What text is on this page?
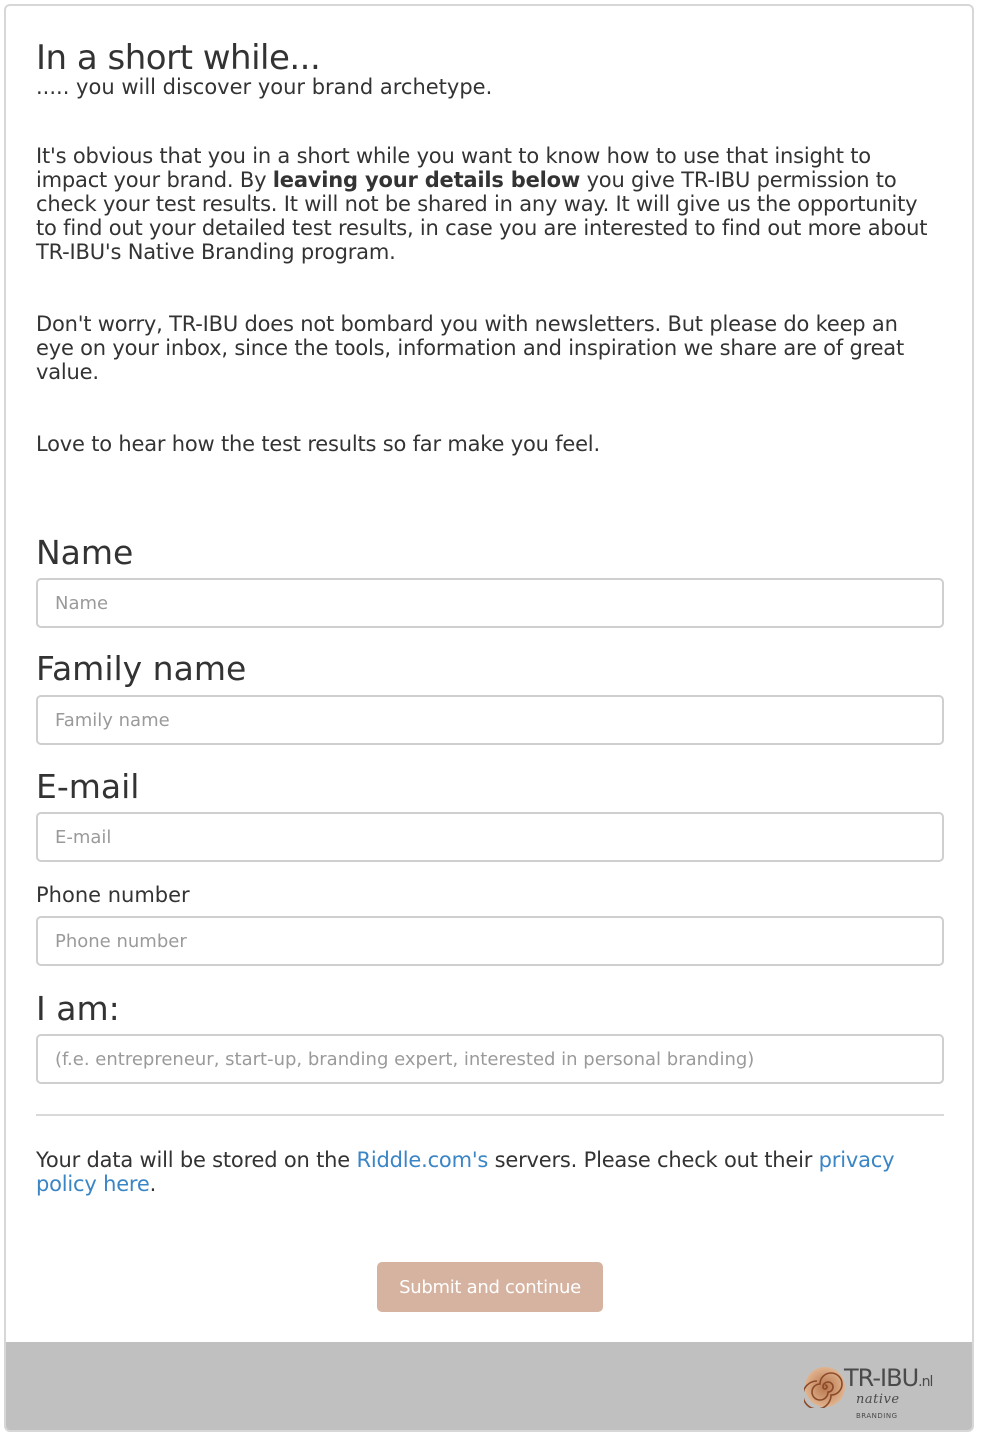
In a short while...
..... you will discover your brand archetype.

It's obvious that you in a short while you want to know how to use that insight to impact your brand. By leaving your details below you give TR-IBU permission to check your test results. It will not be shared in any way. It will give us the opportunity to find out your detailed test results, in case you are interested to find out more about TR-IBU's Native Branding program.

Don't worry, TR-IBU does not bombard you with newsletters. But please do keep an eye on your inbox, since the tools, information and inspiration we share are of great value.

Love to hear how the test results so far make you feel.

Name
Name
Family name
Family name
E-mail
E-mail
Phone number
Phone number
I am:
(f.e. entrepreneur, start-up, branding expert, interested in personal branding)
Your data will be stored on the Riddle.com's servers. Please check out their privacy policy here.
Submit and continue
TR-IBU.nl
native BRANDING
